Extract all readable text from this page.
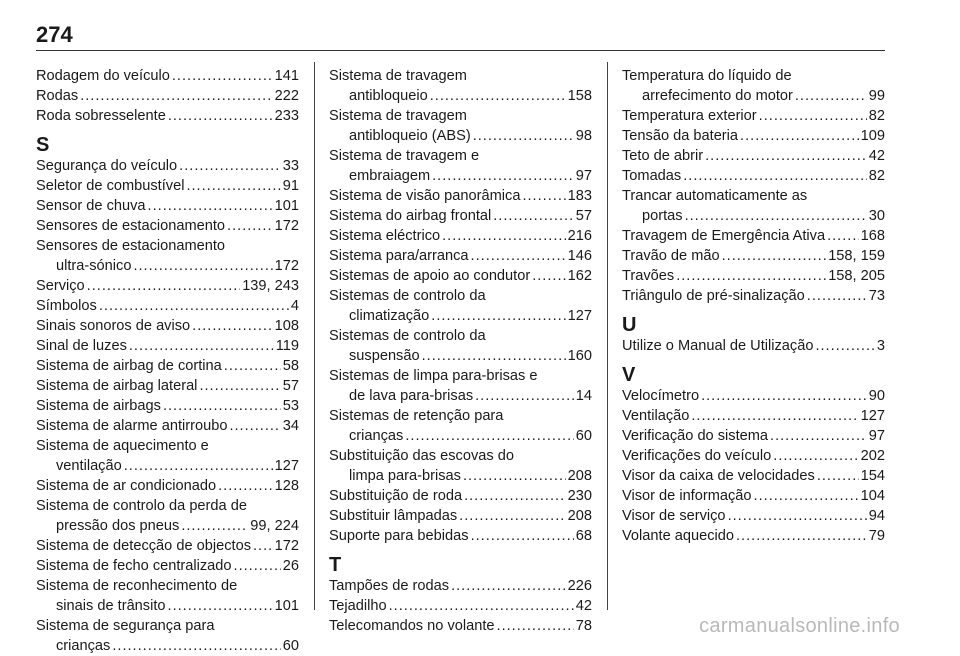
274
Rodagem do veículo .....	141
Rodas .....	222
Roda sobresselente .....	233
S
Segurança do veículo .....	33
Seletor de combustível .....	91
Sensor de chuva .....	101
Sensores de estacionamento .....	172
Sensores de estacionamento
ultra-sónico .....	172
Serviço .....	139, 243
Símbolos .....	4
Sinais sonoros de aviso .....	108
Sinal de luzes .....	119
Sistema de airbag de cortina .....	58
Sistema de airbag lateral .....	57
Sistema de airbags .....	53
Sistema de alarme antirroubo .....	34
Sistema de aquecimento e
ventilação .....	127
Sistema de ar condicionado .....	128
Sistema de controlo da perda de
pressão dos pneus .....	99, 224
Sistema de detecção de objectos ..... 172
Sistema de fecho centralizado .....	26
Sistema de reconhecimento de
sinais de trânsito .....	101
Sistema de segurança para
crianças .....	60
Sistema de travagem
antibloqueio .....	158
Sistema de travagem
antibloqueio (ABS) .....	98
Sistema de travagem e
embraiagem .....	97
Sistema de visão panorâmica .....	183
Sistema do airbag frontal .....	57
Sistema eléctrico .....	216
Sistema para/arranca .....	146
Sistemas de apoio ao condutor .....	162
Sistemas de controlo da
climatização .....	127
Sistemas de controlo da
suspensão .....	160
Sistemas de limpa para-brisas e
de lava para-brisas .....	14
Sistemas de retenção para
crianças .....	60
Substituição das escovas do
limpa para-brisas .....	208
Substituição de roda .....	230
Substituir lâmpadas .....	208
Suporte para bebidas .....	68
T
Tampões de rodas .....	226
Tejadilho .....	42
Telecomandos no volante .....	78
Temperatura do líquido de
arrefecimento do motor .....	99
Temperatura exterior .....	82
Tensão da bateria .....	109
Teto de abrir .....	42
Tomadas .....	82
Trancar automaticamente as
portas .....	30
Travagem de Emergência Ativa ..... 168
Travão de mão .....	158, 159
Travões .....	158, 205
Triângulo de pré-sinalização .....	73
U
Utilize o Manual de Utilização .....	3
V
Velocímetro .....	90
Ventilação .....	127
Verificação do sistema .....	97
Verificações do veículo .....	202
Visor da caixa de velocidades .....	154
Visor de informação .....	104
Visor de serviço .....	94
Volante aquecido .....	79
carmanualsonline.info
